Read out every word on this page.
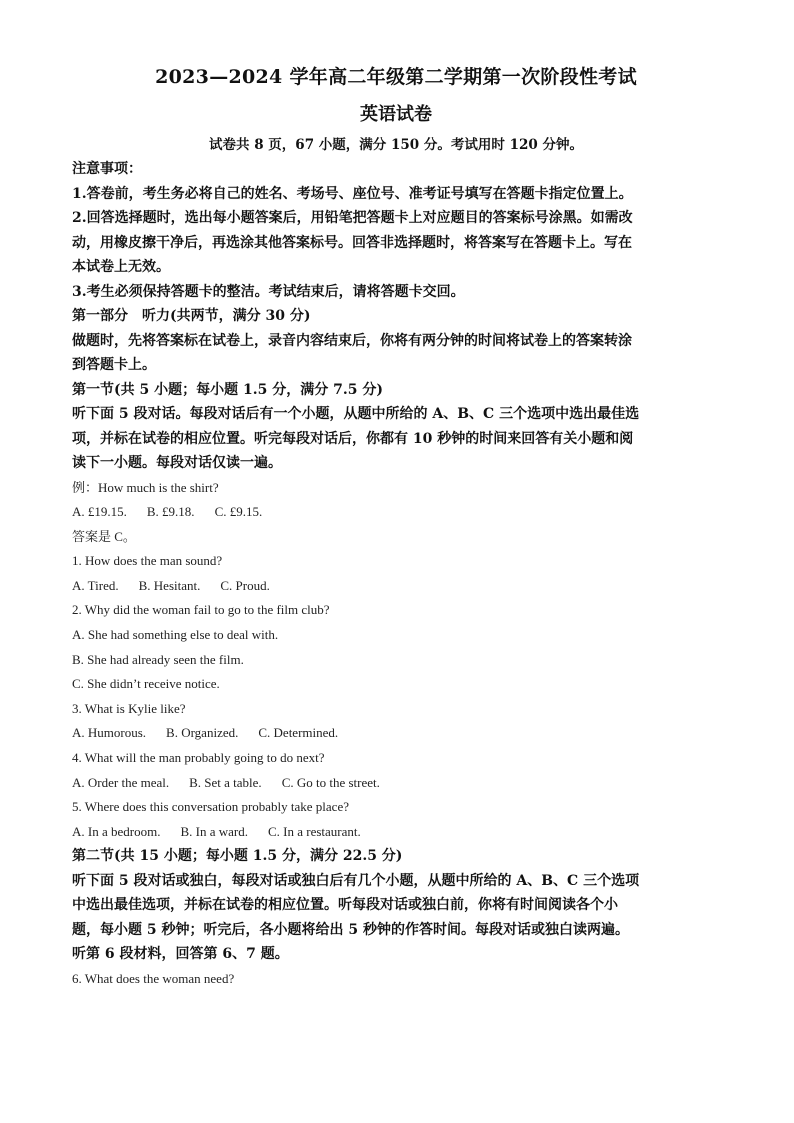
2023—2024 学年高二年级第二学期第一次阶段性考试

英语试卷

试卷共 8 页，67 小题，满分 150 分。考试用时 120 分钟。

注意事项：

1.答卷前，考生务必将自己的姓名、考场号、座位号、准考证号填写在答题卡指定位置上。

2.回答选择题时，选出每小题答案后，用铅笔把答题卡上对应题目的答案标号涂黑。如需改

动，用橡皮擦干净后，再选涂其他答案标号。回答非选择题时，将答案写在答题卡上。写在

本试卷上无效。

3.考生必须保持答题卡的整洁。考试结束后，请将答题卡交回。

第一部分　听力(共两节，满分 30 分)

做题时，先将答案标在试卷上，录音内容结束后，你将有两分钟的时间将试卷上的答案转涂

到答题卡上。

第一节(共 5 小题；每小题 1.5 分，满分 7.5 分)

听下面 5 段对话。每段对话后有一个小题，从题中所给的 A、B、C 三个选项中选出最佳选

项，并标在试卷的相应位置。听完每段对话后，你都有 10 秒钟的时间来回答有关小题和阅

读下一小题。每段对话仅读一遍。

例：How much is the shirt?

A. £19.15. B. £9.18. C. £9.15.

答案是 C。

1. How does the man sound?

A. Tired. B. Hesitant. C. Proud.

2. Why did the woman fail to go to the film club?

A. She had something else to deal with.

B. She had already seen the film.

C. She didn’t receive notice.

3. What is Kylie like?

A. Humorous. B. Organized. C. Determined.

4. What will the man probably going to do next?

A. Order the meal. B. Set a table. C. Go to the street.

5. Where does this conversation probably take place?

A. In a bedroom. B. In a ward. C. In a restaurant.

第二节(共 15 小题；每小题 1.5 分，满分 22.5 分)

听下面 5 段对话或独白，每段对话或独白后有几个小题，从题中所给的 A、B、C 三个选项

中选出最佳选项，并标在试卷的相应位置。听每段对话或独白前，你将有时间阅读各个小

题，每小题 5 秒钟；听完后，各小题将给出 5 秒钟的作答时间。每段对话或独白读两遍。

听第 6 段材料，回答第 6、7 题。

6. What does the woman need?
